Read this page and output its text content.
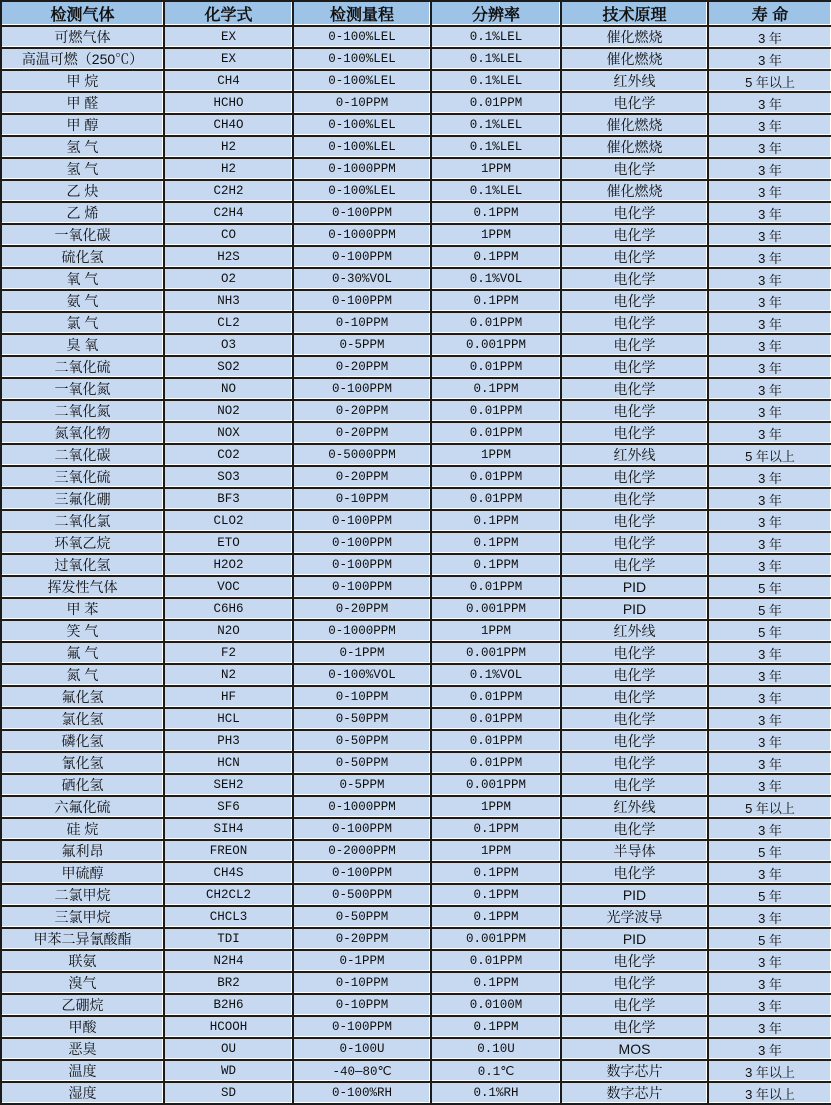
检测气体	化学式	检测量程	分辨率	技术原理	寿 命
可燃气体	EX	0-100%LEL	0.1%LEL	催化燃烧	3 年
高温可燃（250℃）	EX	0-100%LEL	0.1%LEL	催化燃烧	3 年
甲 烷	CH4	0-100%LEL	0.1%LEL	红外线	5 年以上
甲 醛	HCHO	0-10PPM	0.01PPM	电化学	3 年
甲 醇	CH4O	0-100%LEL	0.1%LEL	催化燃烧	3 年
氢 气	H2	0-100%LEL	0.1%LEL	催化燃烧	3 年
氢 气	H2	0-1000PPM	1PPM	电化学	3 年
乙 炔	C2H2	0-100%LEL	0.1%LEL	催化燃烧	3 年
乙 烯	C2H4	0-100PPM	0.1PPM	电化学	3 年
一氧化碳	CO	0-1000PPM	1PPM	电化学	3 年
硫化氢	H2S	0-100PPM	0.1PPM	电化学	3 年
氧 气	O2	0-30%VOL	0.1%VOL	电化学	3 年
氨 气	NH3	0-100PPM	0.1PPM	电化学	3 年
氯 气	CL2	0-10PPM	0.01PPM	电化学	3 年
臭 氧	O3	0-5PPM	0.001PPM	电化学	3 年
二氧化硫	SO2	0-20PPM	0.01PPM	电化学	3 年
一氧化氮	NO	0-100PPM	0.1PPM	电化学	3 年
二氧化氮	NO2	0-20PPM	0.01PPM	电化学	3 年
氮氧化物	NOX	0-20PPM	0.01PPM	电化学	3 年
二氧化碳	CO2	0-5000PPM	1PPM	红外线	5 年以上
三氧化硫	SO3	0-20PPM	0.01PPM	电化学	3 年
三氟化硼	BF3	0-10PPM	0.01PPM	电化学	3 年
二氧化氯	CLO2	0-100PPM	0.1PPM	电化学	3 年
环氧乙烷	ETO	0-100PPM	0.1PPM	电化学	3 年
过氧化氢	H2O2	0-100PPM	0.1PPM	电化学	3 年
挥发性气体	VOC	0-100PPM	0.01PPM	PID	5 年
甲 苯	C6H6	0-20PPM	0.001PPM	PID	5 年
笑 气	N2O	0-1000PPM	1PPM	红外线	5 年
氟 气	F2	0-1PPM	0.001PPM	电化学	3 年
氮 气	N2	0-100%VOL	0.1%VOL	电化学	3 年
氟化氢	HF	0-10PPM	0.01PPM	电化学	3 年
氯化氢	HCL	0-50PPM	0.01PPM	电化学	3 年
磷化氢	PH3	0-50PPM	0.01PPM	电化学	3 年
氰化氢	HCN	0-50PPM	0.01PPM	电化学	3 年
硒化氢	SEH2	0-5PPM	0.001PPM	电化学	3 年
六氟化硫	SF6	0-1000PPM	1PPM	红外线	5 年以上
硅 烷	SIH4	0-100PPM	0.1PPM	电化学	3 年
氟利昂	FREON	0-2000PPM	1PPM	半导体	5 年
甲硫醇	CH4S	0-100PPM	0.1PPM	电化学	3 年
二氯甲烷	CH2CL2	0-500PPM	0.1PPM	PID	5 年
三氯甲烷	CHCL3	0-50PPM	0.1PPM	光学波导	3 年
甲苯二异氰酸酯	TDI	0-20PPM	0.001PPM	PID	5 年
联氨	N2H4	0-1PPM	0.01PPM	电化学	3 年
溴气	BR2	0-10PPM	0.1PPM	电化学	3 年
乙硼烷	B2H6	0-10PPM	0.0100M	电化学	3 年
甲酸	HCOOH	0-100PPM	0.1PPM	电化学	3 年
恶臭	OU	0-100U	0.10U	MOS	3 年
温度	WD	-40—80℃	0.1℃	数字芯片	3 年以上
湿度	SD	0-100%RH	0.1%RH	数字芯片	3 年以上
